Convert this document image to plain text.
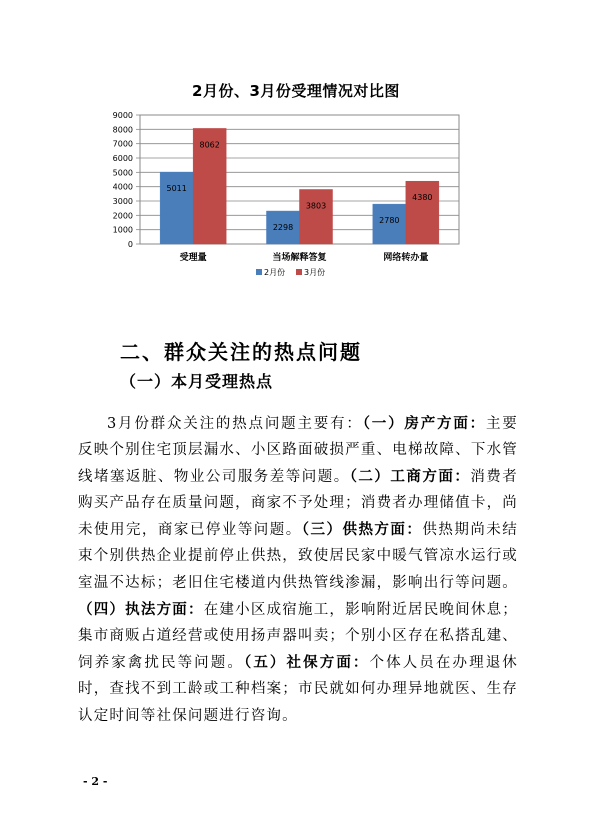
2月份、3月份受理情况对比图
0
1000
2000
3000
4000
5000
6000
7000
8000
9000
5011
8062
受理量
2298
3803
当场解释答复
2780
4380
网络转办量
2月份 3月份
二、群众关注的热点问题
（一）本月受理热点

3月份群众关注的热点问题主要有：（一）房产方面：主要反映个别住宅顶层漏水、小区路面破损严重、电梯故障、下水管线堵塞返脏、物业公司服务差等问题。（二）工商方面：消费者购买产品存在质量问题，商家不予处理；消费者办理储值卡，尚未使用完，商家已停业等问题。（三）供热方面：供热期尚未结束个别供热企业提前停止供热，致使居民家中暖气管凉水运行或室温不达标；老旧住宅楼道内供热管线渗漏，影响出行等问题。（四）执法方面：在建小区成宿施工，影响附近居民晚间休息；集市商贩占道经营或使用扬声器叫卖；个别小区存在私搭乱建、饲养家禽扰民等问题。（五）社保方面：个体人员在办理退休时，查找不到工龄或工种档案；市民就如何办理异地就医、生存认定时间等社保问题进行咨询。

- 2 -
